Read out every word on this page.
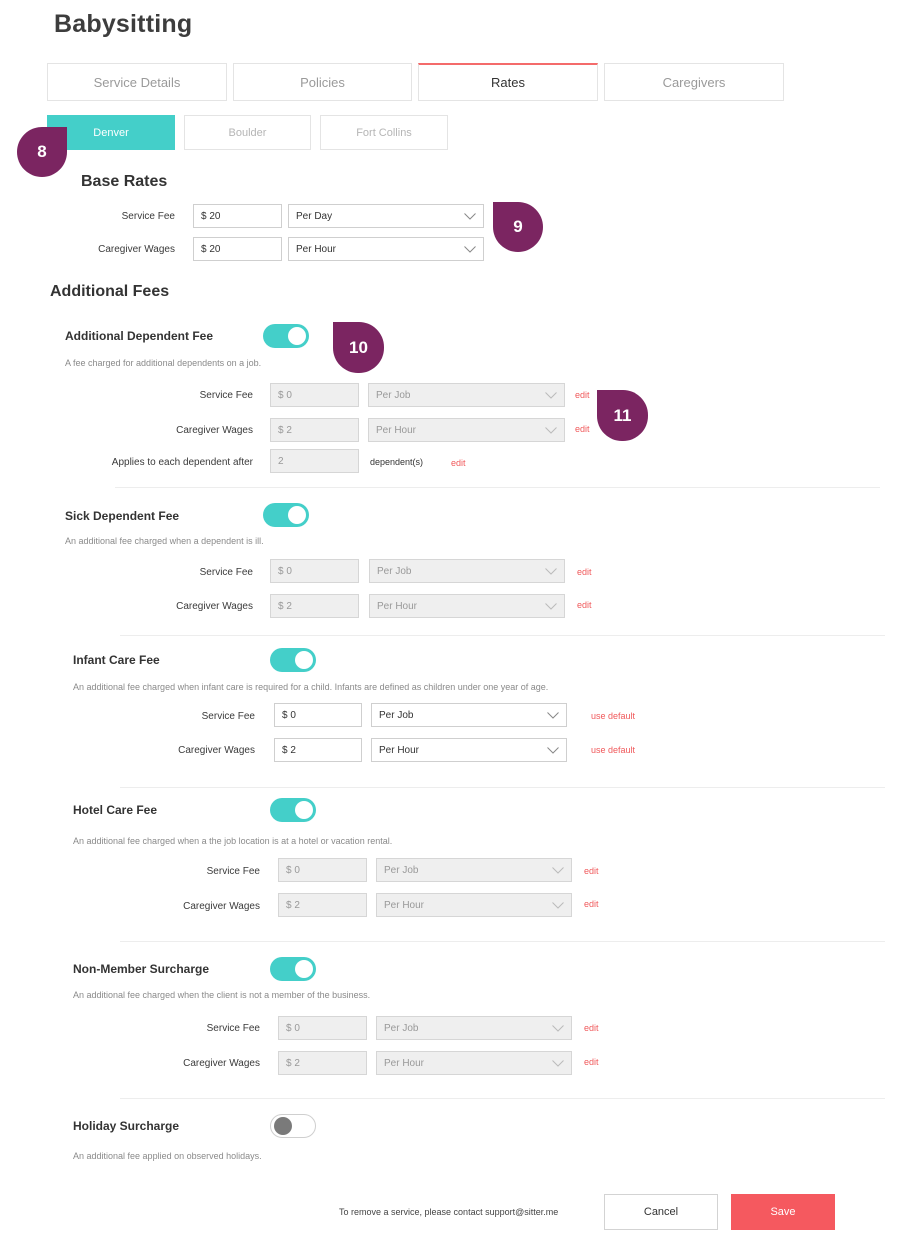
Babysitting
Service Details	Policies	Rates	Caregivers
Denver	Boulder	Fort Collins
8
Base Rates
Service Fee	$ 20	Per Day
Caregiver Wages	$ 20	Per Hour
9
Additional Fees
Additional Dependent Fee
A fee charged for additional dependents on a job.
10
Service Fee	$ 0	Per Job	edit
Caregiver Wages	$ 2	Per Hour	edit
Applies to each dependent after	2	dependent(s)	edit
11
Sick Dependent Fee
An additional fee charged when a dependent is ill.
Service Fee	$ 0	Per Job	edit
Caregiver Wages	$ 2	Per Hour	edit
Infant Care Fee
An additional fee charged when infant care is required for a child. Infants are defined as children under one year of age.
Service Fee	$ 0	Per Job	use default
Caregiver Wages	$ 2	Per Hour	use default
Hotel Care Fee
An additional fee charged when a the job location is at a hotel or vacation rental.
Service Fee	$ 0	Per Job	edit
Caregiver Wages	$ 2	Per Hour	edit
Non-Member Surcharge
An additional fee charged when the client is not a member of the business.
Service Fee	$ 0	Per Job	edit
Caregiver Wages	$ 2	Per Hour	edit
Holiday Surcharge
An additional fee applied on observed holidays.
To remove a service, please contact support@sitter.me	Cancel	Save
